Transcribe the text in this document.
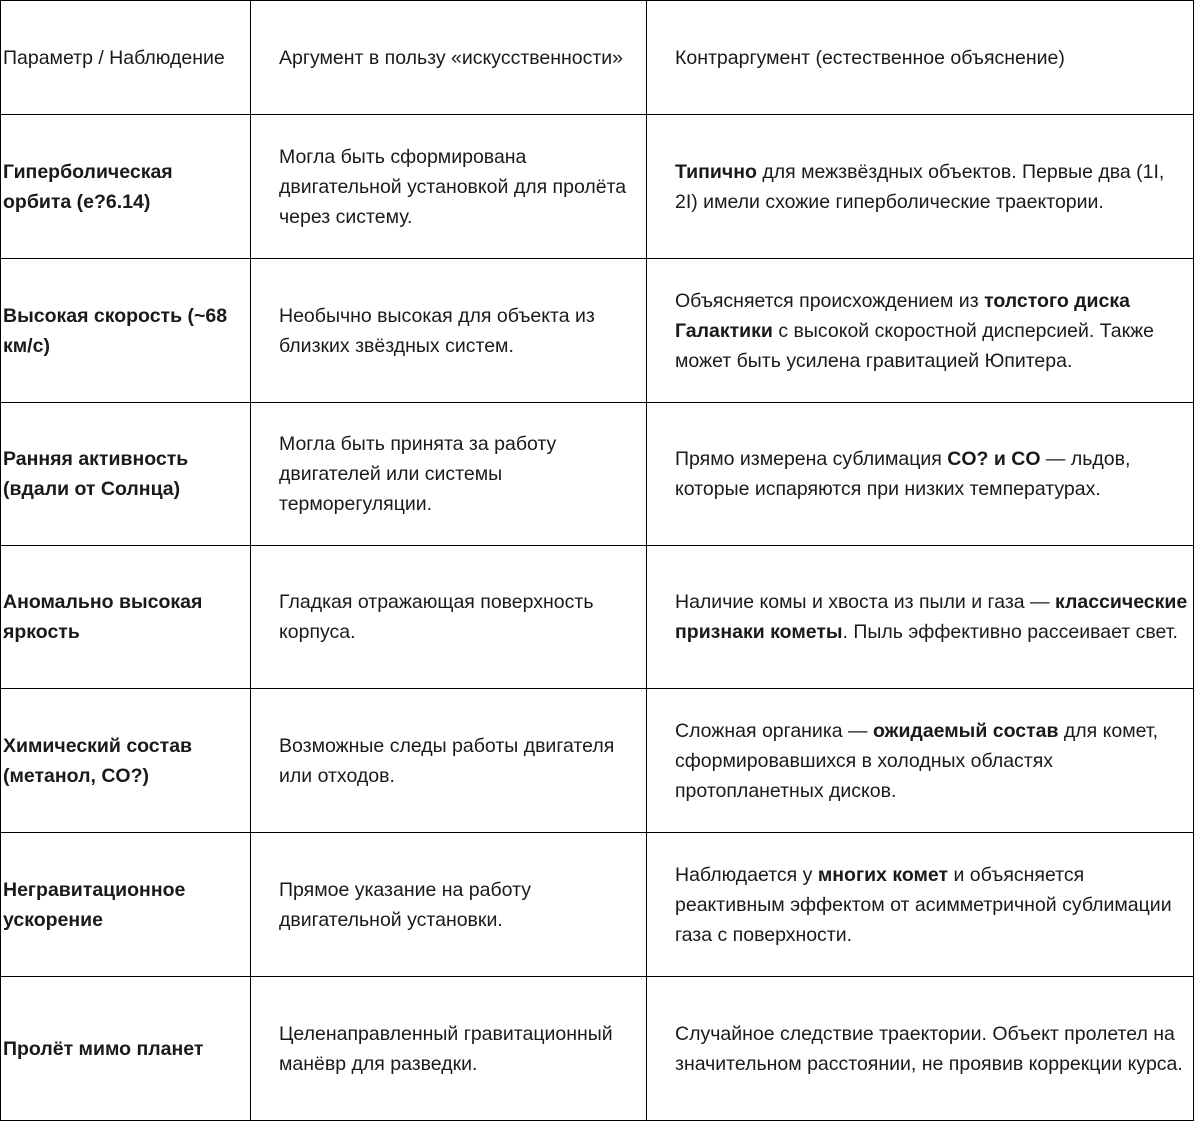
Параметр / Наблюдение	Аргумент в пользу «искусственности»	Контраргумент (естественное объяснение)
Гиперболическая орбита (e?6.14)	Могла быть сформирована двигательной установкой для пролёта через систему.	Типично для межзвёздных объектов. Первые два (1I, 2I) имели схожие гиперболические траектории.
Высокая скорость (~68 км/с)	Необычно высокая для объекта из близких звёздных систем.	Объясняется происхождением из толстого диска Галактики с высокой скоростной дисперсией. Также может быть усилена гравитацией Юпитера.
Ранняя активность (вдали от Солнца)	Могла быть принята за работу двигателей или системы терморегуляции.	Прямо измерена сублимация CO? и CO — льдов, которые испаряются при низких температурах.
Аномально высокая яркость	Гладкая отражающая поверхность корпуса.	Наличие комы и хвоста из пыли и газа — классические признаки кометы. Пыль эффективно рассеивает свет.
Химический состав (метанол, CO?)	Возможные следы работы двигателя или отходов.	Сложная органика — ожидаемый состав для комет, сформировавшихся в холодных областях протопланетных дисков.
Негравитационное ускорение	Прямое указание на работу двигательной установки.	Наблюдается у многих комет и объясняется реактивным эффектом от асимметричной сублимации газа с поверхности.
Пролёт мимо планет	Целенаправленный гравитационный манёвр для разведки.	Случайное следствие траектории. Объект пролетел на значительном расстоянии, не проявив коррекции курса.
